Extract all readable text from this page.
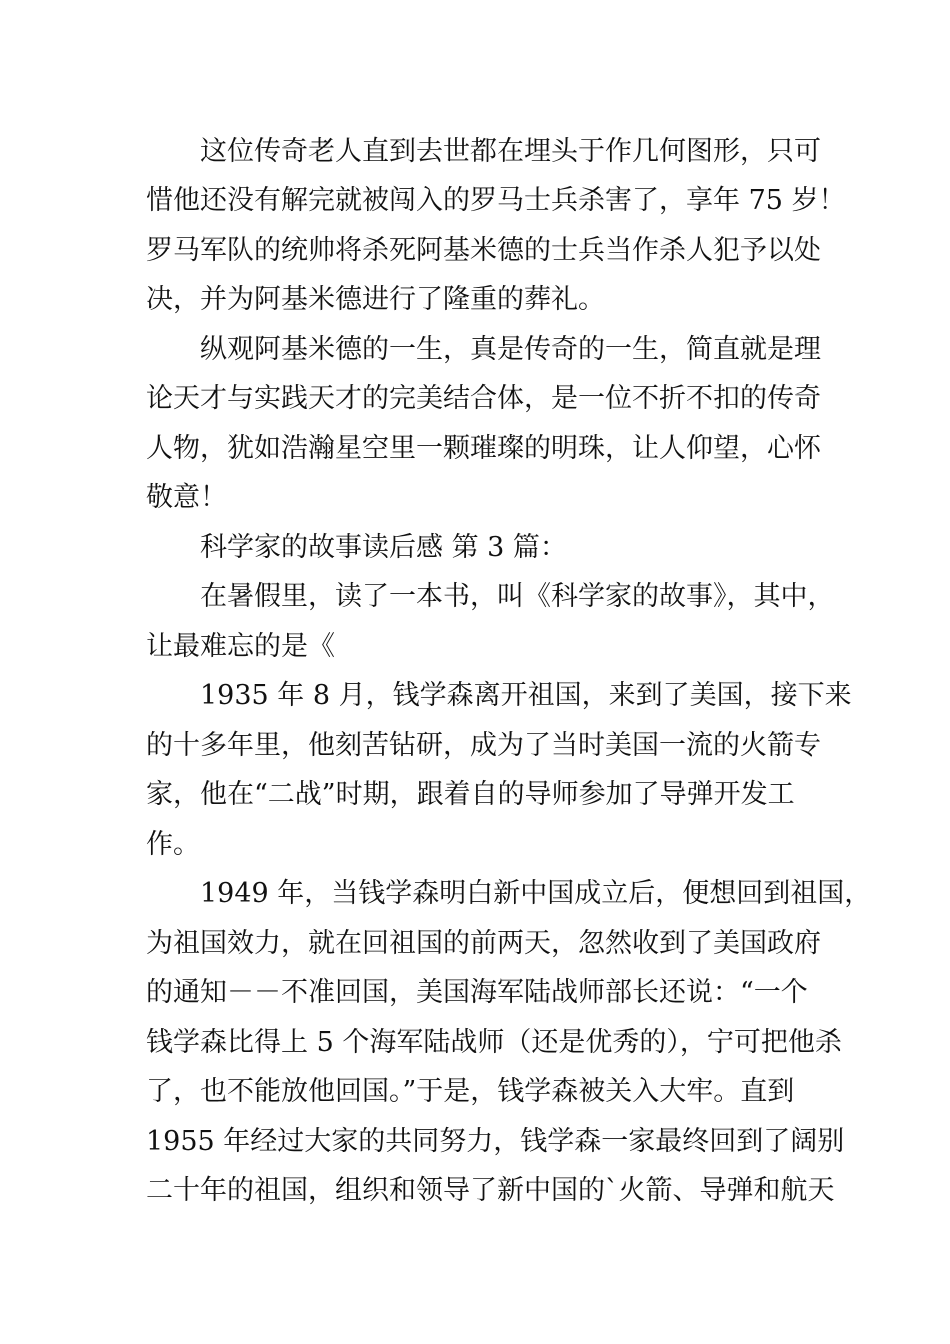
这位传奇老人直到去世都在埋头于作几何图形，只可
惜他还没有解完就被闯入的罗马士兵杀害了，享年 75 岁！
罗马军队的统帅将杀死阿基米德的士兵当作杀人犯予以处
决，并为阿基米德进行了隆重的葬礼。
纵观阿基米德的一生，真是传奇的一生，简直就是理
论天才与实践天才的完美结合体，是一位不折不扣的传奇
人物，犹如浩瀚星空里一颗璀璨的明珠，让人仰望，心怀
敬意！
科学家的故事读后感 第 3 篇：
在暑假里，读了一本书，叫《科学家的故事》，其中，
让最难忘的是《
1935 年 8 月，钱学森离开祖国，来到了美国，接下来
的十多年里，他刻苦钻研，成为了当时美国一流的火箭专
家，他在“二战”时期，跟着自的导师参加了导弹开发工
作。
1949 年，当钱学森明白新中国成立后，便想回到祖国，
为祖国效力，就在回祖国的前两天，忽然收到了美国政府
的通知－－不准回国，美国海军陆战师部长还说：“一个
钱学森比得上 5 个海军陆战师（还是优秀的），宁可把他杀
了，也不能放他回国。”于是，钱学森被关入大牢。直到
1955 年经过大家的共同努力，钱学森一家最终回到了阔别
二十年的祖国，组织和领导了新中国的`火箭、导弹和航天
